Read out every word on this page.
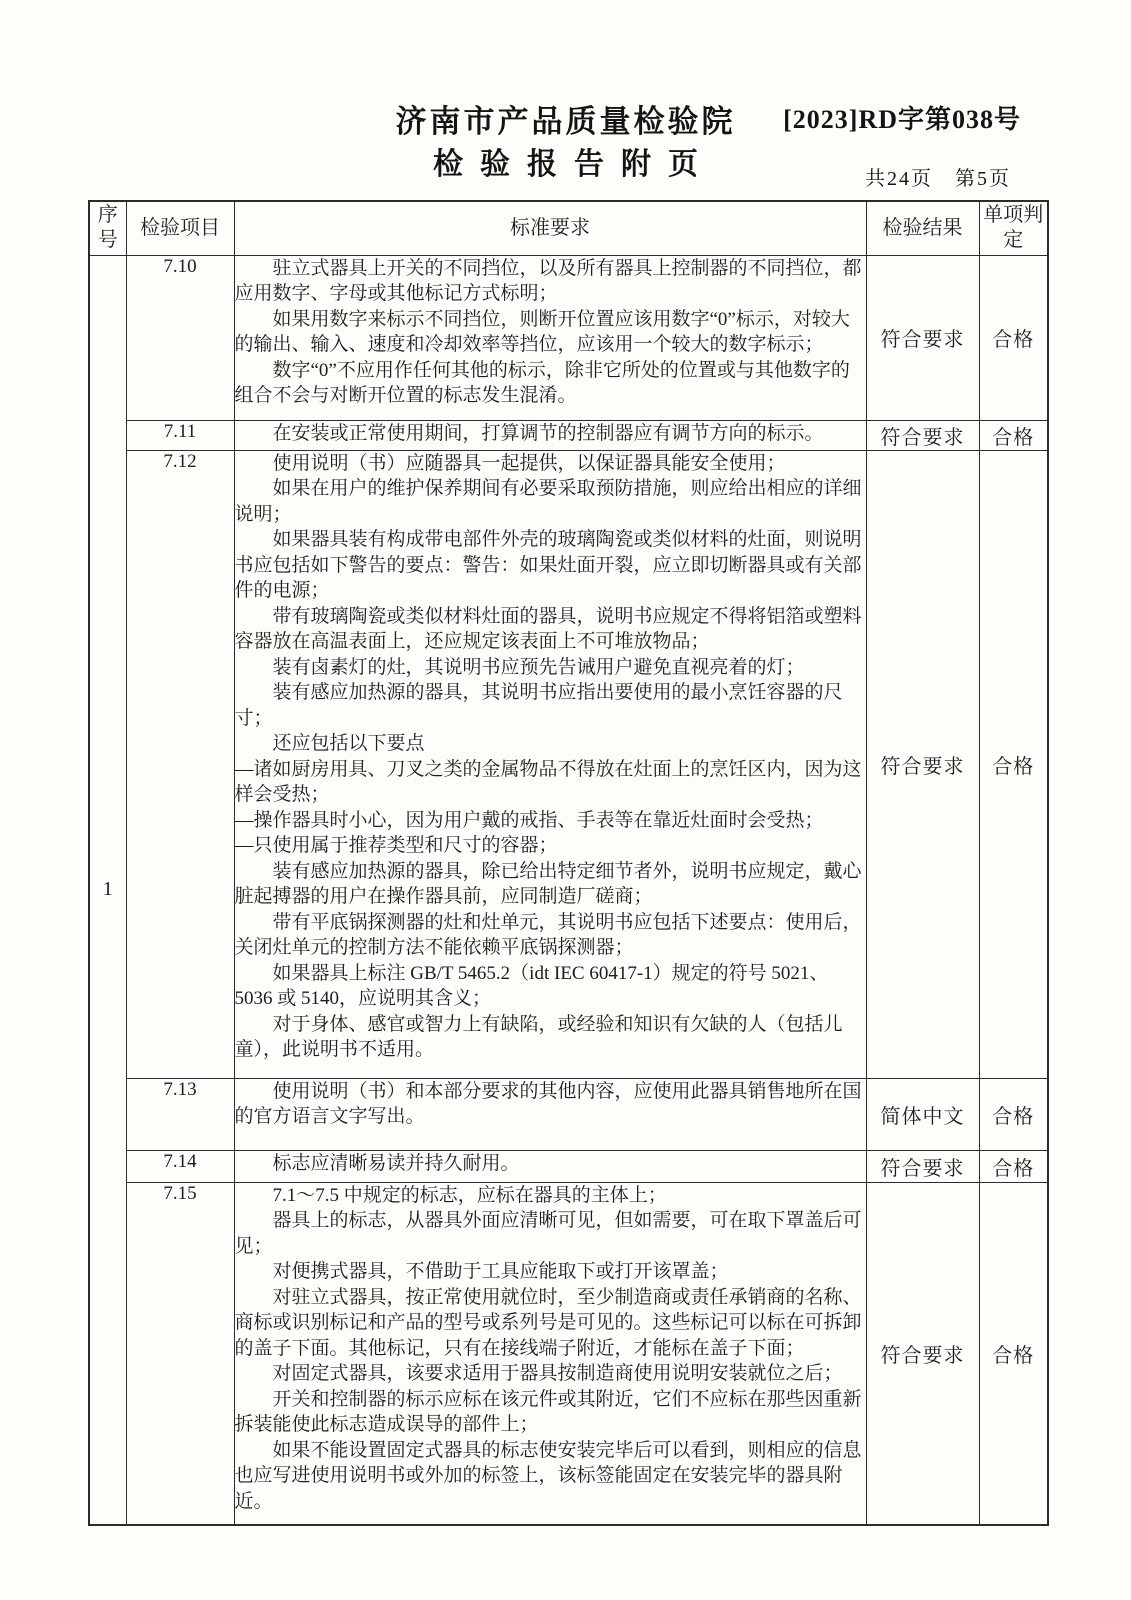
济南市产品质量检验院	[2023]RD字第038号
检验报告附页	共24页　第5页
序号	检验项目	标准要求	检验结果	单项判定
1	7.10	驻立式器具上开关的不同挡位，以及所有器具上控制器的不同挡位，都应用数字、字母或其他标记方式标明；

如果用数字来标示不同挡位，则断开位置应该用数字“0”标示，对较大的输出、输入、速度和冷却效率等挡位，应该用一个较大的数字标示；

数字“0”不应用作任何其他的标示，除非它所处的位置或与其他数字的组合不会与对断开位置的标志发生混淆。	符合要求	合格
	7.11	在安装或正常使用期间，打算调节的控制器应有调节方向的标示。	符合要求	合格
7.12	使用说明（书）应随器具一起提供，以保证器具能安全使用；

如果在用户的维护保养期间有必要采取预防措施，则应给出相应的详细说明；

如果器具装有构成带电部件外壳的玻璃陶瓷或类似材料的灶面，则说明书应包括如下警告的要点：警告：如果灶面开裂，应立即切断器具或有关部件的电源；

带有玻璃陶瓷或类似材料灶面的器具，说明书应规定不得将铝箔或塑料容器放在高温表面上，还应规定该表面上不可堆放物品；

装有卤素灯的灶，其说明书应预先告诫用户避免直视亮着的灯；

装有感应加热源的器具，其说明书应指出要使用的最小烹饪容器的尺寸；

还应包括以下要点

—诸如厨房用具、刀叉之类的金属物品不得放在灶面上的烹饪区内，因为这样会受热；

—操作器具时小心，因为用户戴的戒指、手表等在靠近灶面时会受热；

—只使用属于推荐类型和尺寸的容器；

装有感应加热源的器具，除已给出特定细节者外，说明书应规定，戴心脏起搏器的用户在操作器具前，应同制造厂磋商；

带有平底锅探测器的灶和灶单元，其说明书应包括下述要点：使用后，关闭灶单元的控制方法不能依赖平底锅探测器；

如果器具上标注 GB/T 5465.2（idt IEC 60417-1）规定的符号 5021、5036 或 5140，应说明其含义；

对于身体、感官或智力上有缺陷，或经验和知识有欠缺的人（包括儿童），此说明书不适用。

	符合要求	合格
	7.13	使用说明（书）和本部分要求的其他内容，应使用此器具销售地所在国的官方语言文字写出。	简体中文	合格
	7.14	标志应清晰易读并持久耐用。	符合要求	合格
7.15	7.1～7.5 中规定的标志，应标在器具的主体上；

器具上的标志，从器具外面应清晰可见，但如需要，可在取下罩盖后可见；

对便携式器具，不借助于工具应能取下或打开该罩盖；

对驻立式器具，按正常使用就位时，至少制造商或责任承销商的名称、商标或识别标记和产品的型号或系列号是可见的。这些标记可以标在可拆卸的盖子下面。其他标记，只有在接线端子附近，才能标在盖子下面；

对固定式器具，该要求适用于器具按制造商使用说明安装就位之后；

开关和控制器的标示应标在该元件或其附近，它们不应标在那些因重新拆装能使此标志造成误导的部件上；

如果不能设置固定式器具的标志使安装完毕后可以看到，则相应的信息也应写进使用说明书或外加的标签上，该标签能固定在安装完毕的器具附近。

	符合要求	合格
